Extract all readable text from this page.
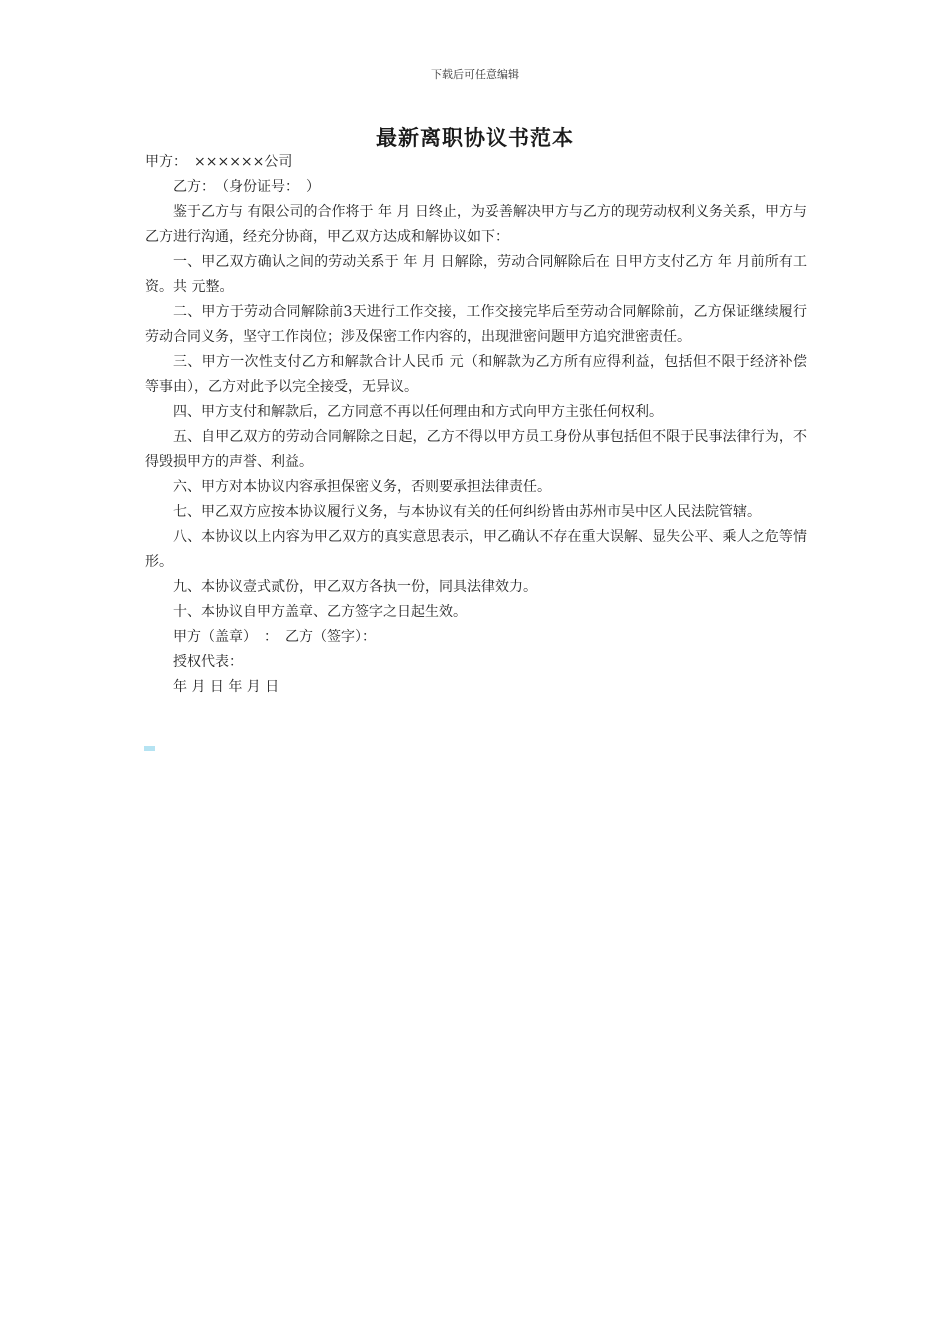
下载后可任意编辑
最新离职协议书范本

甲方：　××××××公司

乙方：　（身份证号：　）

鉴于乙方与 有限公司的合作将于 年 月 日终止，为妥善解决甲方与乙方的现劳动权利义务关系，甲方与乙方进行沟通，经充分协商，甲乙双方达成和解协议如下：

一、甲乙双方确认之间的劳动关系于 年 月 日解除，劳动合同解除后在 日甲方支付乙方 年 月前所有工资。共 元整。

二、甲方于劳动合同解除前3天进行工作交接，工作交接完毕后至劳动合同解除前，乙方保证继续履行劳动合同义务，坚守工作岗位；涉及保密工作内容的，出现泄密问题甲方追究泄密责任。

三、甲方一次性支付乙方和解款合计人民币 元（和解款为乙方所有应得利益，包括但不限于经济补偿等事由），乙方对此予以完全接受，无异议。

四、甲方支付和解款后，乙方同意不再以任何理由和方式向甲方主张任何权利。

五、自甲乙双方的劳动合同解除之日起，乙方不得以甲方员工身份从事包括但不限于民事法律行为，不得毁损甲方的声誉、利益。

六、甲方对本协议内容承担保密义务，否则要承担法律责任。

七、甲乙双方应按本协议履行义务，与本协议有关的任何纠纷皆由苏州市吴中区人民法院管辖。

八、本协议以上内容为甲乙双方的真实意思表示，甲乙确认不存在重大误解、显失公平、乘人之危等情形。

九、本协议壹式贰份，甲乙双方各执一份，同具法律效力。

十、本协议自甲方盖章、乙方签字之日起生效。

甲方（盖章）　：　乙方（签字）：

授权代表：

年 月 日 年 月 日
